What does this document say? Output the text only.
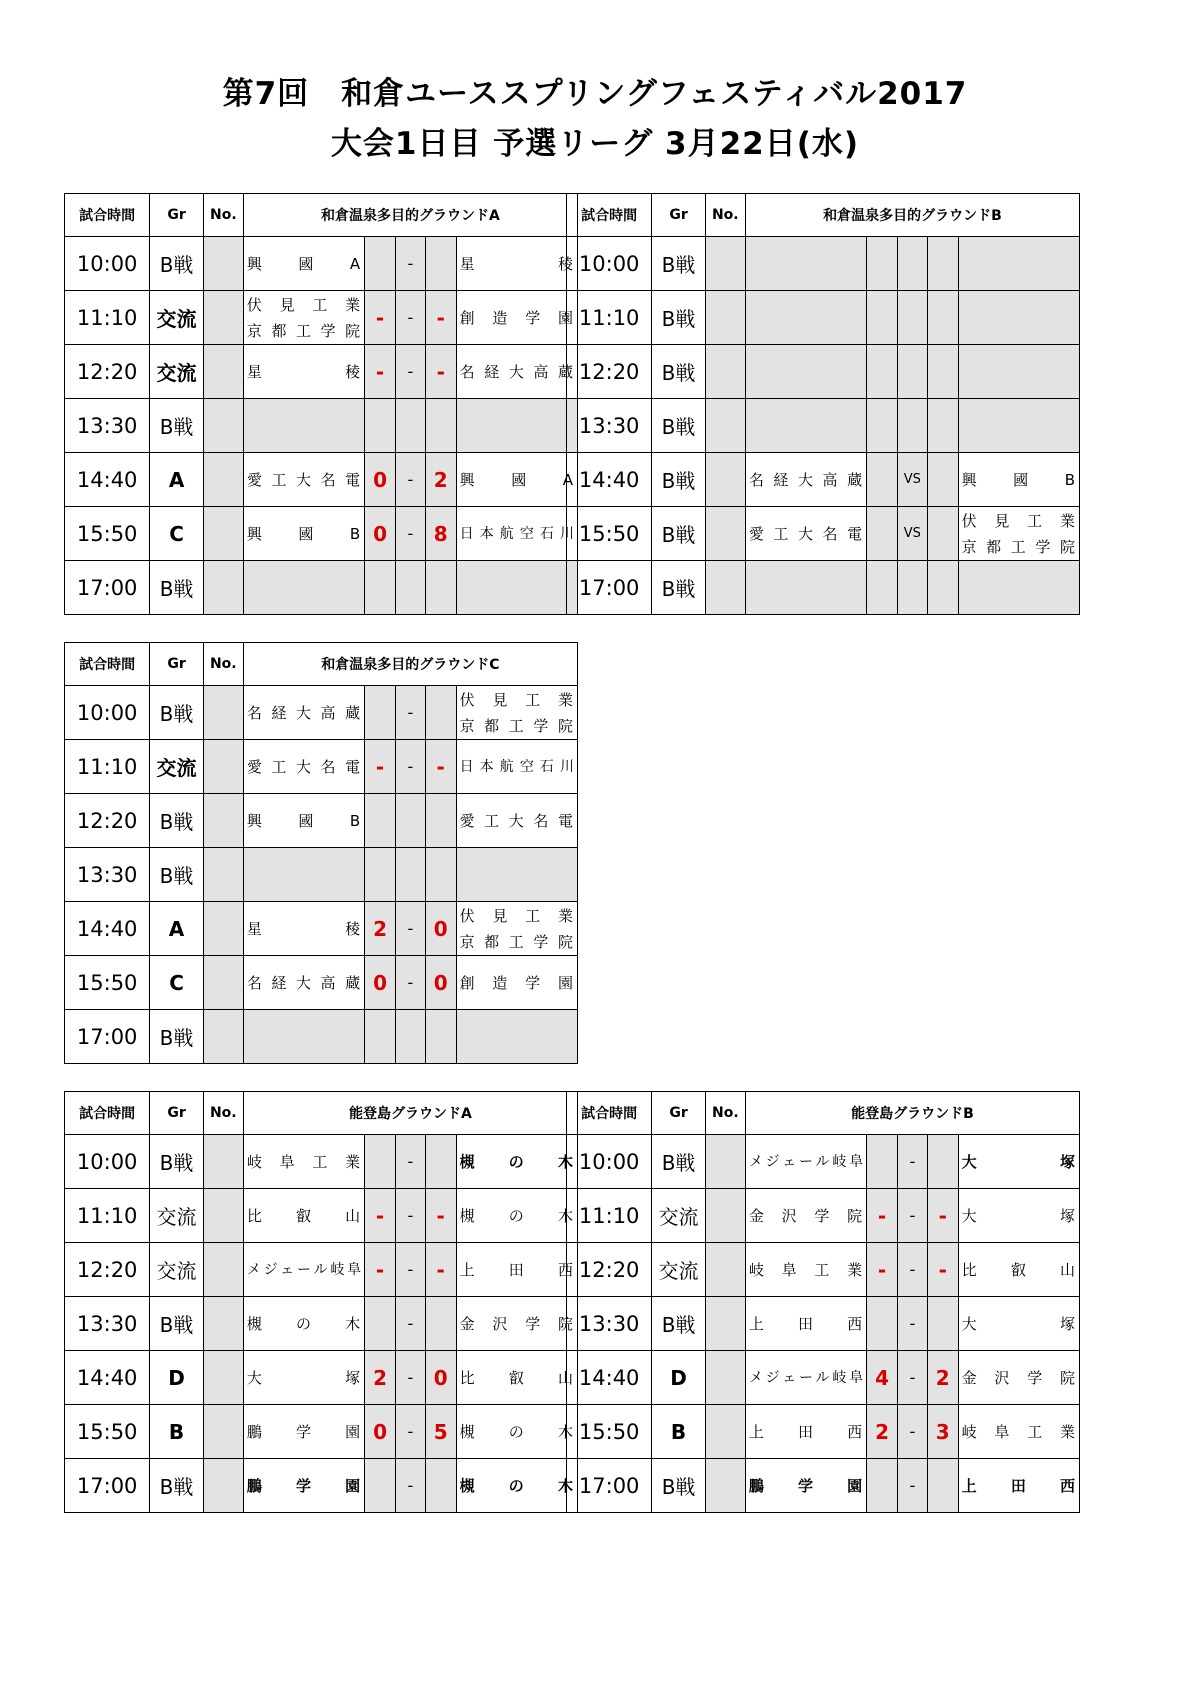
第7回　和倉ユーススプリングフェスティバル2017
大会1日目 予選リーグ 3月22日(水)
試合時間	Gr	No.	和倉温泉多目的グラウンドA				
10:00	B戦		興　國　A		-		星　　　稜

11:10	交流		伏見工業
京都工学院	-	-	-	創造学園

12:20	交流		星　　　稜	-	-	-	名経大高蔵

13:30	B戦						
14:40	A		愛工大名電	0	-	2	興　國　A

15:50	C		興　國　B	0	-	8	日本航空石川

17:00	B戦						
試合時間	Gr	No.	和倉温泉多目的グラウンドB				
10:00	B戦						
11:10	B戦						
12:20	B戦						
13:30	B戦						
14:40	B戦		名経大高蔵		VS		興　國　B

15:50	B戦		愛工大名電		VS		伏見工業
京都工学院

17:00	B戦						
試合時間	Gr	No.	和倉温泉多目的グラウンドC				
10:00	B戦		名経大高蔵		-		伏見工業
京都工学院

11:10	交流		愛工大名電	-	-	-	日本航空石川

12:20	B戦		興　國　B				愛工大名電

13:30	B戦						
14:40	A		星　　　稜	2	-	0	伏見工業
京都工学院

15:50	C		名経大高蔵	0	-	0	創造学園

17:00	B戦						
試合時間	Gr	No.	能登島グラウンドA				
10:00	B戦		岐阜工業		-		槻　の　木

11:10	交流		比　叡　山	-	-	-	槻　の　木

12:20	交流		メジェール岐阜	-	-	-	上　田　西

13:30	B戦		槻　の　木		-		金沢学院

14:40	D		大　　　塚	2	-	0	比　叡　山

15:50	B		鵬　学　園	0	-	5	槻　の　木

17:00	B戦		鵬　学　園		-		槻　の　木
試合時間	Gr	No.	能登島グラウンドB				
10:00	B戦		メジェール岐阜		-		大　　　塚

11:10	交流		金沢学院	-	-	-	大　　　塚

12:20	交流		岐阜工業	-	-	-	比　叡　山

13:30	B戦		上　田　西		-		大　　　塚

14:40	D		メジェール岐阜	4	-	2	金沢学院

15:50	B		上　田　西	2	-	3	岐阜工業

17:00	B戦		鵬　学　園		-		上　田　西
